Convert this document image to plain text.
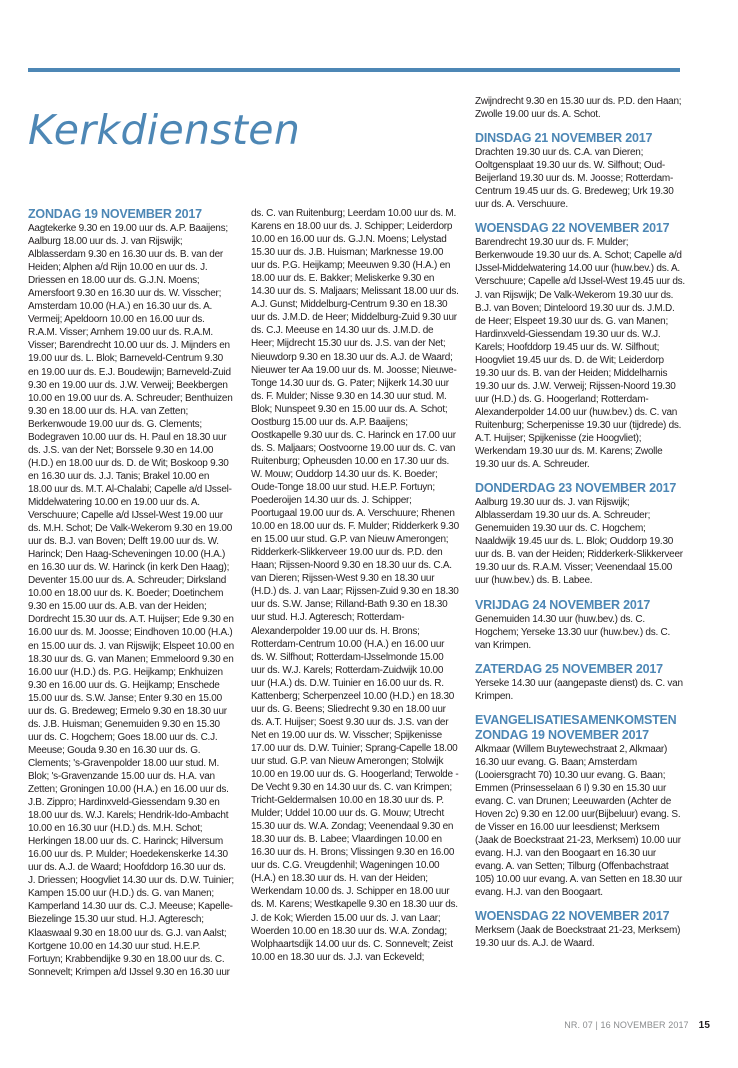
Kerkdiensten
ZONDAG 19 NOVEMBER 2017

Aagtekerke 9.30 en 19.00 uur ds. A.P. Baaijens; Aalburg 18.00 uur ds. J. van Rijswijk; Alblasserdam 9.30 en 16.30 uur ds. B. van der Heiden; Alphen a/d Rijn 10.00 en uur ds. J. Driessen en 18.00 uur ds. G.J.N. Moens; Amersfoort 9.30 en 16.30 uur ds. W. Visscher; Amsterdam 10.00 (H.A.) en 16.30 uur ds. A. Vermeij; Apeldoorn 10.00 en 16.00 uur ds. R.A.M. Visser; Arnhem 19.00 uur ds. R.A.M. Visser; Barendrecht 10.00 uur ds. J. Mijnders en 19.00 uur ds. L. Blok; Barneveld-Centrum 9.30 en 19.00 uur ds. E.J. Boudewijn; Barneveld-Zuid 9.30 en 19.00 uur ds. J.W. Verweij; Beekbergen 10.00 en 19.00 uur ds. A. Schreuder; Benthuizen 9.30 en 18.00 uur ds. H.A. van Zetten; Berkenwoude 19.00 uur ds. G. Clements; Bodegraven 10.00 uur ds. H. Paul en 18.30 uur ds. J.S. van der Net; Borssele 9.30 en 14.00 (H.D.) en 18.00 uur ds. D. de Wit; Boskoop 9.30 en 16.30 uur ds. J.J. Tanis; Brakel 10.00 en 18.00 uur ds. M.T. Al-Chalabi; Capelle a/d IJssel-Middelwatering 10.00 en 19.00 uur ds. A. Verschuure; Capelle a/d IJssel-West 19.00 uur ds. M.H. Schot; De Valk-Wekerom 9.30 en 19.00 uur ds. B.J. van Boven; Delft 19.00 uur ds. W. Harinck; Den Haag-Scheveningen 10.00 (H.A.) en 16.30 uur ds. W. Harinck (in kerk Den Haag); Deventer 15.00 uur ds. A. Schreuder; Dirksland 10.00 en 18.00 uur ds. K. Boeder; Doetinchem 9.30 en 15.00 uur ds. A.B. van der Heiden; Dordrecht 15.30 uur ds. A.T. Huijser; Ede 9.30 en 16.00 uur ds. M. Joosse; Eindhoven 10.00 (H.A.) en 15.00 uur ds. J. van Rijswijk; Elspeet 10.00 en 18.30 uur ds. G. van Manen; Emmeloord 9.30 en 16.00 uur (H.D.) ds. P.G. Heijkamp; Enkhuizen 9.30 en 16.00 uur ds. G. Heijkamp; Enschede 15.00 uur ds. S.W. Janse; Enter 9.30 en 15.00 uur ds. G. Bredeweg; Ermelo 9.30 en 18.30 uur ds. J.B. Huisman; Genemuiden 9.30 en 15.30 uur ds. C. Hogchem; Goes 18.00 uur ds. C.J. Meeuse; Gouda 9.30 en 16.30 uur ds. G. Clements; 's-Gravenpolder 18.00 uur stud. M. Blok; 's-Gravenzande 15.00 uur ds. H.A. van Zetten; Groningen 10.00 (H.A.) en 16.00 uur ds. J.B. Zippro; Hardinxveld-Giessendam 9.30 en 18.00 uur ds. W.J. Karels; Hendrik-Ido-Ambacht 10.00 en 16.30 uur (H.D.) ds. M.H. Schot; Herkingen 18.00 uur ds. C. Harinck; Hilversum 16.00 uur ds. P. Mulder; Hoedekenskerke 14.30 uur ds. A.J. de Waard; Hoofddorp 16.30 uur ds. J. Driessen; Hoogvliet 14.30 uur ds. D.W. Tuinier; Kampen 15.00 uur (H.D.) ds. G. van Manen; Kamperland 14.30 uur ds. C.J. Meeuse; Kapelle-Biezelinge 15.30 uur stud. H.J. Agteresch; Klaaswaal 9.30 en 18.00 uur ds. G.J. van Aalst; Kortgene 10.00 en 14.30 uur stud. H.E.P. Fortuyn; Krabbendijke 9.30 en 18.00 uur ds. C. Sonnevelt; Krimpen a/d IJssel 9.30 en 16.30 uur

ds. C. van Ruitenburg; Leerdam 10.00 uur ds. M. Karens en 18.00 uur ds. J. Schipper; Leiderdorp 10.00 en 16.00 uur ds. G.J.N. Moens; Lelystad 15.30 uur ds. J.B. Huisman; Marknesse 19.00 uur ds. P.G. Heijkamp; Meeuwen 9.30 (H.A.) en 18.00 uur ds. E. Bakker; Meliskerke 9.30 en 14.30 uur ds. S. Maljaars; Melissant 18.00 uur ds. A.J. Gunst; Middelburg-Centrum 9.30 en 18.30 uur ds. J.M.D. de Heer; Middelburg-Zuid 9.30 uur ds. C.J. Meeuse en 14.30 uur ds. J.M.D. de Heer; Mijdrecht 15.30 uur ds. J.S. van der Net; Nieuwdorp 9.30 en 18.30 uur ds. A.J. de Waard; Nieuwer ter Aa 19.00 uur ds. M. Joosse; Nieuwe-Tonge 14.30 uur ds. G. Pater; Nijkerk 14.30 uur ds. F. Mulder; Nisse 9.30 en 14.30 uur stud. M. Blok; Nunspeet 9.30 en 15.00 uur ds. A. Schot; Oostburg 15.00 uur ds. A.P. Baaijens; Oostkapelle 9.30 uur ds. C. Harinck en 17.00 uur ds. S. Maljaars; Oostvoorne 19.00 uur ds. C. van Ruitenburg; Opheusden 10.00 en 17.30 uur ds. W. Mouw; Ouddorp 14.30 uur ds. K. Boeder; Oude-Tonge 18.00 uur stud. H.E.P. Fortuyn; Poederoijen 14.30 uur ds. J. Schipper; Poortugaal 19.00 uur ds. A. Verschuure; Rhenen 10.00 en 18.00 uur ds. F. Mulder; Ridderkerk 9.30 en 15.00 uur stud. G.P. van Nieuw Amerongen; Ridderkerk-Slikkerveer 19.00 uur ds. P.D. den Haan; Rijssen-Noord 9.30 en 18.30 uur ds. C.A. van Dieren; Rijssen-West 9.30 en 18.30 uur (H.D.) ds. J. van Laar; Rijssen-Zuid 9.30 en 18.30 uur ds. S.W. Janse; Rilland-Bath 9.30 en 18.30 uur stud. H.J. Agteresch; Rotterdam-Alexanderpolder 19.00 uur ds. H. Brons; Rotterdam-Centrum 10.00 (H.A.) en 16.00 uur ds. W. Silfhout; Rotterdam-IJsselmonde 15.00 uur ds. W.J. Karels; Rotterdam-Zuidwijk 10.00 uur (H.A.) ds. D.W. Tuinier en 16.00 uur ds. R. Kattenberg; Scherpenzeel 10.00 (H.D.) en 18.30 uur ds. G. Beens; Sliedrecht 9.30 en 18.00 uur ds. A.T. Huijser; Soest 9.30 uur ds. J.S. van der Net en 19.00 uur ds. W. Visscher; Spijkenisse 17.00 uur ds. D.W. Tuinier; Sprang-Capelle 18.00 uur stud. G.P. van Nieuw Amerongen; Stolwijk 10.00 en 19.00 uur ds. G. Hoogerland; Terwolde - De Vecht 9.30 en 14.30 uur ds. C. van Krimpen; Tricht-Geldermalsen 10.00 en 18.30 uur ds. P. Mulder; Uddel 10.00 uur ds. G. Mouw; Utrecht 15.30 uur ds. W.A. Zondag; Veenendaal 9.30 en 18.30 uur ds. B. Labee; Vlaardingen 10.00 en 16.30 uur ds. H. Brons; Vlissingen 9.30 en 16.00 uur ds. C.G. Vreugdenhil; Wageningen 10.00 (H.A.) en 18.30 uur ds. H. van der Heiden; Werkendam 10.00 ds. J. Schipper en 18.00 uur ds. M. Karens; Westkapelle 9.30 en 18.30 uur ds. J. de Kok; Wierden 15.00 uur ds. J. van Laar; Woerden 10.00 en 18.30 uur ds. W.A. Zondag; Wolphaartsdijk 14.00 uur ds. C. Sonnevelt; Zeist 10.00 en 18.30 uur ds. J.J. van Eckeveld;

Zwijndrecht 9.30 en 15.30 uur ds. P.D. den Haan; Zwolle 19.00 uur ds. A. Schot.

DINSDAG 21 NOVEMBER 2017

Drachten 19.30 uur ds. C.A. van Dieren; Ooltgensplaat 19.30 uur ds. W. Silfhout; Oud-Beijerland 19.30 uur ds. M. Joosse; Rotterdam-Centrum 19.45 uur ds. G. Bredeweg; Urk 19.30 uur ds. A. Verschuure.

WOENSDAG 22 NOVEMBER 2017

Barendrecht 19.30 uur ds. F. Mulder; Berkenwoude 19.30 uur ds. A. Schot; Capelle a/d IJssel-Middelwatering 14.00 uur (huw.bev.) ds. A. Verschuure; Capelle a/d IJssel-West 19.45 uur ds. J. van Rijswijk; De Valk-Wekerom 19.30 uur ds. B.J. van Boven; Dinteloord 19.30 uur ds. J.M.D. de Heer; Elspeet 19.30 uur ds. G. van Manen; Hardinxveld-Giessendam 19.30 uur ds. W.J. Karels; Hoofddorp 19.45 uur ds. W. Silfhout; Hoogvliet 19.45 uur ds. D. de Wit; Leiderdorp 19.30 uur ds. B. van der Heiden; Middelharnis 19.30 uur ds. J.W. Verweij; Rijssen-Noord 19.30 uur (H.D.) ds. G. Hoogerland; Rotterdam-Alexanderpolder 14.00 uur (huw.bev.) ds. C. van Ruitenburg; Scherpenisse 19.30 uur (tijdrede) ds. A.T. Huijser; Spijkenisse (zie Hoogvliet); Werkendam 19.30 uur ds. M. Karens; Zwolle 19.30 uur ds. A. Schreuder.

DONDERDAG 23 NOVEMBER 2017

Aalburg 19.30 uur ds. J. van Rijswijk; Alblasserdam 19.30 uur ds. A. Schreuder; Genemuiden 19.30 uur ds. C. Hogchem; Naaldwijk 19.45 uur ds. L. Blok; Ouddorp 19.30 uur ds. B. van der Heiden; Ridderkerk-Slikkerveer 19.30 uur ds. R.A.M. Visser; Veenendaal 15.00 uur (huw.bev.) ds. B. Labee.

VRIJDAG 24 NOVEMBER 2017

Genemuiden 14.30 uur (huw.bev.) ds. C. Hogchem; Yerseke 13.30 uur (huw.bev.) ds. C. van Krimpen.

ZATERDAG 25 NOVEMBER 2017

Yerseke 14.30 uur (aangepaste dienst) ds. C. van Krimpen.

EVANGELISATIESAMENKOMSTEN
ZONDAG 19 NOVEMBER 2017

Alkmaar (Willem Buytewechstraat 2, Alkmaar) 16.30 uur evang. G. Baan; Amsterdam (Looiersgracht 70) 10.30 uur evang. G. Baan; Emmen (Prinsesselaan 6 I) 9.30 en 15.30 uur evang. C. van Drunen; Leeuwarden (Achter de Hoven 2c) 9.30 en 12.00 uur(Bijbeluur) evang. S. de Visser en 16.00 uur leesdienst; Merksem (Jaak de Boeckstraat 21-23, Merksem) 10.00 uur evang. H.J. van den Boogaart en 16.30 uur evang. A. van Setten; Tilburg (Offenbachstraat 105) 10.00 uur evang. A. van Setten en 18.30 uur evang. H.J. van den Boogaart.

WOENSDAG 22 NOVEMBER 2017

Merksem (Jaak de Boeckstraat 21-23, Merksem) 19.30 uur ds. A.J. de Waard.

NR. 07 | 16 NOVEMBER 2017 15
